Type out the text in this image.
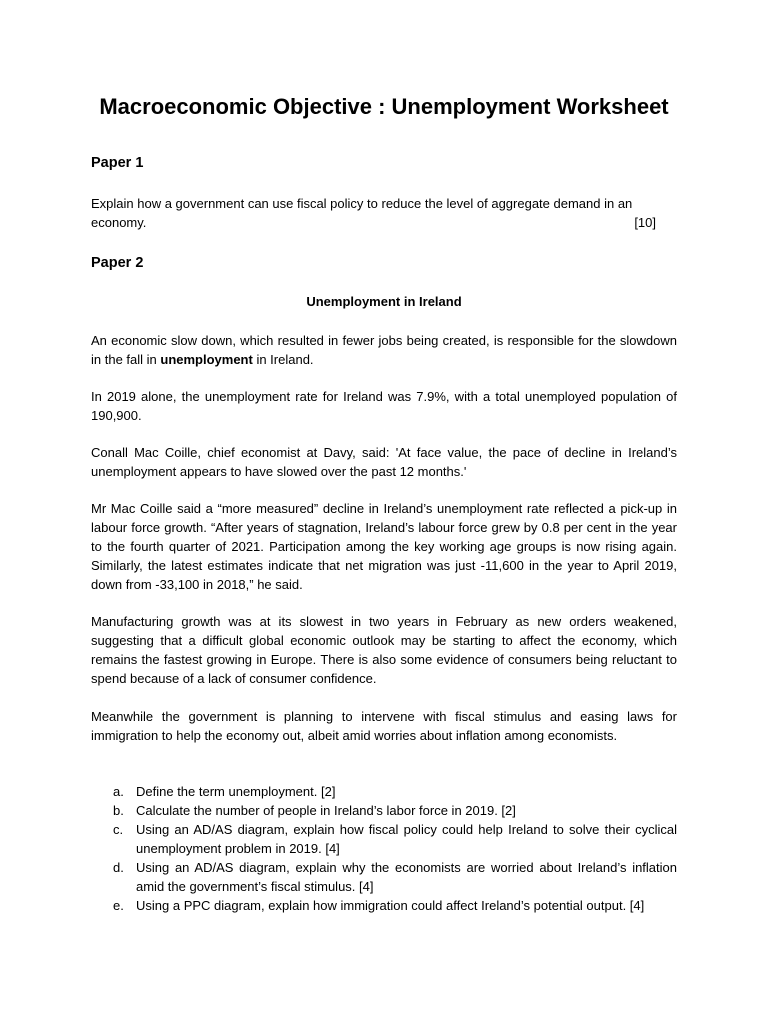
Macroeconomic Objective : Unemployment Worksheet
Paper 1
Explain how a government can use fiscal policy to reduce the level of aggregate demand in an
economy.	[10]
Paper 2
Unemployment in Ireland
An economic slow down, which resulted in fewer jobs being created, is responsible for the slowdown in the fall in unemployment in Ireland.
In 2019 alone, the unemployment rate for Ireland was 7.9%, with a total unemployed population of 190,900.
Conall Mac Coille, chief economist at Davy, said: 'At face value, the pace of decline in Ireland’s unemployment appears to have slowed over the past 12 months.'
Mr Mac Coille said a “more measured” decline in Ireland’s unemployment rate reflected a pick-up in labour force growth. “After years of stagnation, Ireland’s labour force grew by 0.8 per cent in the year to the fourth quarter of 2021. Participation among the key working age groups is now rising again. Similarly, the latest estimates indicate that net migration was just -11,600 in the year to April 2019, down from -33,100 in 2018,” he said.
Manufacturing growth was at its slowest in two years in February as new orders weakened, suggesting that a difficult global economic outlook may be starting to affect the economy, which remains the fastest growing in Europe. There is also some evidence of consumers being reluctant to spend because of a lack of consumer confidence.
Meanwhile the government is planning to intervene with fiscal stimulus and easing laws for immigration to help the economy out, albeit amid worries about inflation among economists.
a. Define the term unemployment. [2]
b. Calculate the number of people in Ireland’s labor force in 2019. [2]
c. Using an AD/AS diagram, explain how fiscal policy could help Ireland to solve their cyclical unemployment problem in 2019. [4]
d. Using an AD/AS diagram, explain why the economists are worried about Ireland’s inflation amid the government’s fiscal stimulus. [4]
e. Using a PPC diagram, explain how immigration could affect Ireland’s potential output. [4]
